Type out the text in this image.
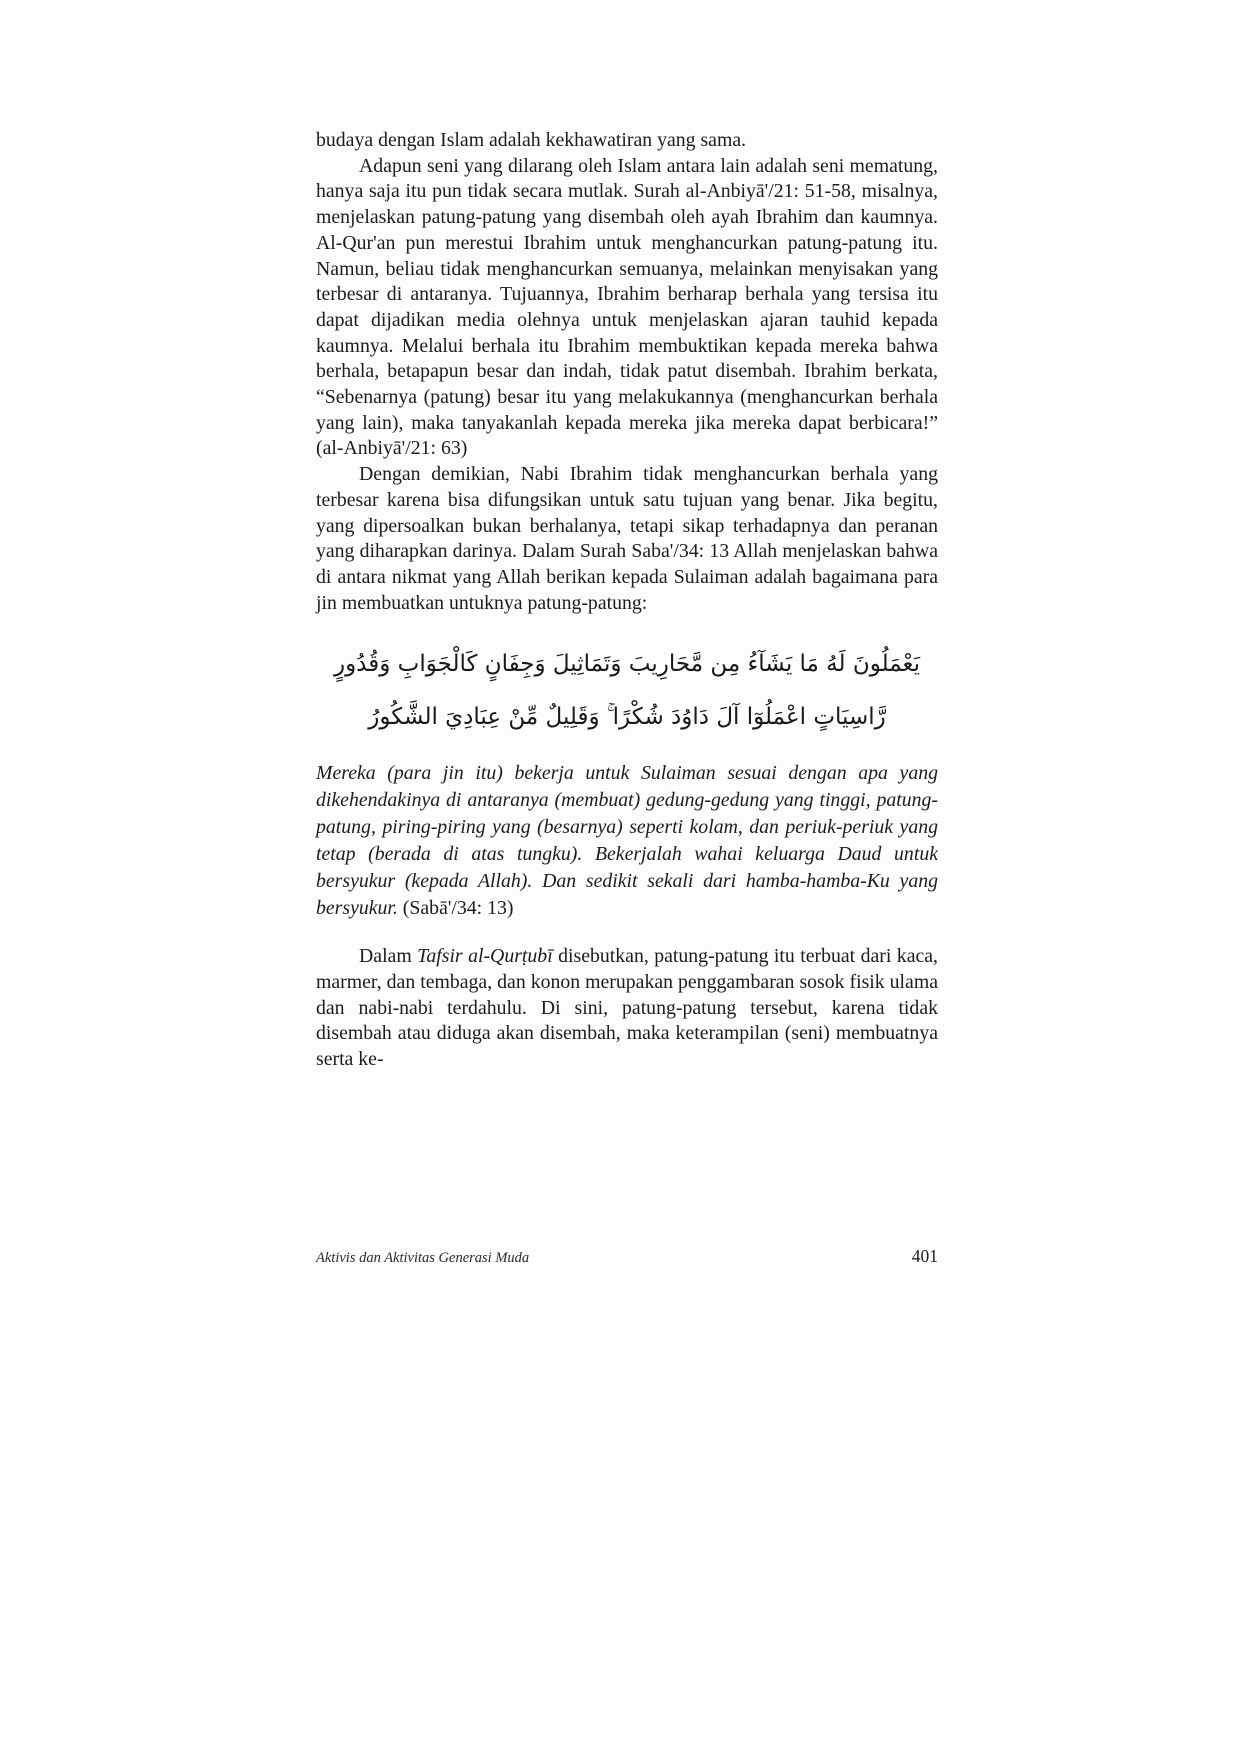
budaya dengan Islam adalah kekhawatiran yang sama.

Adapun seni yang dilarang oleh Islam antara lain adalah seni mematung, hanya saja itu pun tidak secara mutlak. Surah al-Anbiyā'/21: 51-58, misalnya, menjelaskan patung-patung yang disembah oleh ayah Ibrahim dan kaumnya. Al-Qur'an pun merestui Ibrahim untuk menghancurkan patung-patung itu. Namun, beliau tidak menghancurkan semuanya, melainkan menyisakan yang terbesar di antaranya. Tujuannya, Ibrahim berharap berhala yang tersisa itu dapat dijadikan media olehnya untuk menjelaskan ajaran tauhid kepada kaumnya. Melalui berhala itu Ibrahim membuktikan kepada mereka bahwa berhala, betapapun besar dan indah, tidak patut disembah. Ibrahim berkata, “Sebenarnya (patung) besar itu yang melakukannya (menghancurkan berhala yang lain), maka tanyakanlah kepada mereka jika mereka dapat berbicara!” (al-Anbiyā'/21: 63)

Dengan demikian, Nabi Ibrahim tidak menghancurkan berhala yang terbesar karena bisa difungsikan untuk satu tujuan yang benar. Jika begitu, yang dipersoalkan bukan berhalanya, tetapi sikap terhadapnya dan peranan yang diharapkan darinya. Dalam Surah Saba'/34: 13 Allah menjelaskan bahwa di antara nikmat yang Allah berikan kepada Sulaiman adalah bagaimana para jin membuatkan untuknya patung-patung:

يَعْمَلُونَ لَهُ مَا يَشَآءُ مِن مَّحَارِيبَ وَتَمَاثِيلَ وَجِفَانٍ كَالْجَوَابِ وَقُدُورٍ رَّاسِيَاتٍ اعْمَلُوٓا آلَ دَاوُدَ شُكْرًا ۚ وَقَلِيلٌ مِّنْ عِبَادِيَ الشَّكُورُ

Mereka (para jin itu) bekerja untuk Sulaiman sesuai dengan apa yang dikehendakinya di antaranya (membuat) gedung-gedung yang tinggi, patung-patung, piring-piring yang (besarnya) seperti kolam, dan periuk-periuk yang tetap (berada di atas tungku). Bekerjalah wahai keluarga Daud untuk bersyukur (kepada Allah). Dan sedikit sekali dari hamba-hamba-Ku yang bersyukur. (Sabā'/34: 13)

Dalam Tafsir al-Qurṭubī disebutkan, patung-patung itu terbuat dari kaca, marmer, dan tembaga, dan konon merupakan penggambaran sosok fisik ulama dan nabi-nabi terdahulu. Di sini, patung-patung tersebut, karena tidak disembah atau diduga akan disembah, maka keterampilan (seni) membuatnya serta ke-

Aktivis dan Aktivitas Generasi Muda	401
